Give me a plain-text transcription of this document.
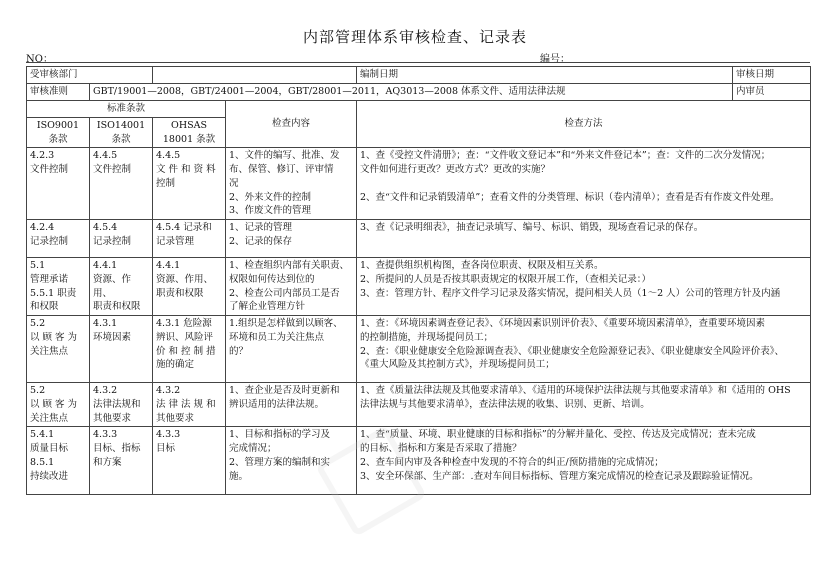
内部管理体系审核检查、记录表
NO：	编号：
受审核部门				编制日期	审核日期
审核准则	GBT/19001—2008，GBT/24001—2004，GBT/28001—2011，AQ3013—2008 体系文件、适用法律法规				内审员
标准条款			检查内容	检查方法	

ISO9001
条款	ISO14001
条款	OHSAS
18001 条款			

4.2.3
文件控制	4.4.5
文件控制	4.4.5
文 件 和 资 料
控制	1、文件的编写、批准、发
布、保管、修订、评审情
况
2、外来文件的控制
3、作废文件的管理	1、查《受控文件清册》；查：“文件收文登记本”和“外来文件登记本”；查：文件的二次分发情况；
文件如何进行更改？更改方式？更改的实施？

2、查“文件和记录销毁清单”；查看文件的分类管理、标识（卷内清单）；查看是否有作废文件处理。	

4.2.4
记录控制	4.5.4
记录控制	4.5.4 记录和
记录管理	1、记录的管理
2、记录的保存	3、查《记录明细表》，抽查记录填写、编号、标识、销毁，现场查看记录的保存。	

5.1
管理承诺
5.5.1 职责
和权限	4.4.1
资源、作用、
职责和权限	4.4.1
资源、作用、
职责和权限	1、检查组织内部有关职责、
权限如何传达到位的
2、检查公司内部员工是否
了解企业管理方针	1、查提供组织机构图，查各岗位职责、权限及相互关系。
2、所提问的人员是否按其职责规定的权限开展工作，（查相关记录：）
3、查：管理方针、程序文件学习记录及落实情况，提问相关人员（1～2 人）公司的管理方针及内涵	

5.2
以 顾 客 为
关注焦点	4.3.1
环境因素	4.3.1 危险源
辨识、风险评
价 和 控 制 措
施的确定	1.组织是怎样做到以顾客、
环境和员工为关注焦点
的？	1、查：《环境因素调查登记表》、《环境因素识别评价表》、《重要环境因素清单》，查重要环境因素
的控制措施，并现场提问员工；
2、查：《职业健康安全危险源调查表》、《职业健康安全危险源登记表》、《职业健康安全风险评价表》、
《重大风险及其控制方式》，并现场提问员工；	

5.2
以 顾 客 为
关注焦点	4.3.2
法律法规和
其他要求	4.3.2
法 律 法 规 和
其他要求	1、查企业是否及时更新和
辨识适用的法律法规。	1、查《质量法律法规及其他要求清单》、《适用的环境保护法律法规与其他要求清单》和《适用的 OHS
法律法规与其他要求清单》，查法律法规的收集、识别、更新、培训。	

5.4.1
质量目标
8.5.1
持续改进	4.3.3
目标、指标
和方案	4.3.3
目标	1、目标和指标的学习及
完成情况；
2、管理方案的编制和实
施。	1、查“质量、环境、职业健康的目标和指标”的分解并量化、受控、传达及完成情况；查未完成
的目标、指标和方案是否采取了措施？
2、查车间内审及各种检查中发现的不符合的纠正/预防措施的完成情况；
3、安全环保部、生产部：.查对车间目标指标、管理方案完成情况的检查记录及跟踪验证情况。	
